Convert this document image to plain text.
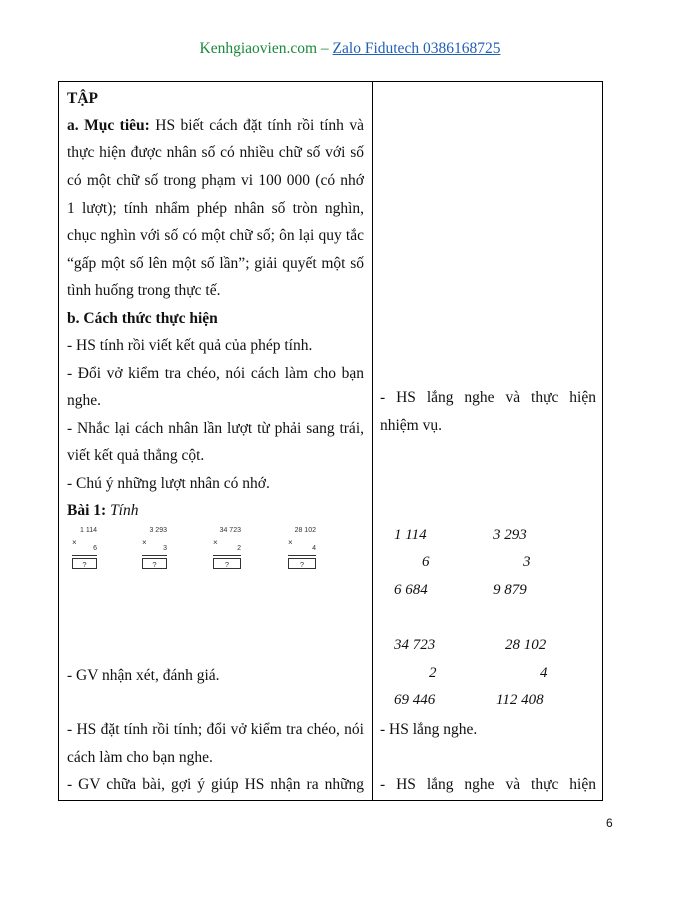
Kenhgiaovien.com – Zalo Fidutech 0386168725
TẬP
a. Mục tiêu: HS biết cách đặt tính rồi tính và
thực hiện được nhân số có nhiều chữ số với số
có một chữ số trong phạm vi 100 000 (có nhớ
1 lượt); tính nhẩm phép nhân số tròn nghìn,
chục nghìn với số có một chữ số; ôn lại quy tắc
“gấp một số lên một số lần”; giải quyết một số
tình huống trong thực tế.
b. Cách thức thực hiện
- HS tính rồi viết kết quả của phép tính.
- Đổi vở kiểm tra chéo, nói cách làm cho bạn
nghe.
- Nhắc lại cách nhân lần lượt từ phải sang trái,
viết kết quả thẳng cột.
- Chú ý những lượt nhân có nhớ.
Bài 1: Tính
×
1 114
6
?
×
3 293
3
?
×
34 723
2
?
×
28 102
4
?
- GV nhận xét, đánh giá.
- HS đặt tính rồi tính; đổi vở kiểm tra chéo, nói
cách làm cho bạn nghe.
- GV chữa bài, gợi ý giúp HS nhận ra những
- HS lắng nghe và thực hiện
nhiệm vụ.
1 114
6
6 684
3 293
3
9 879
34 723
2
69 446
28 102
4
112 408
- HS lắng nghe.
- HS lắng nghe và thực hiện
6
